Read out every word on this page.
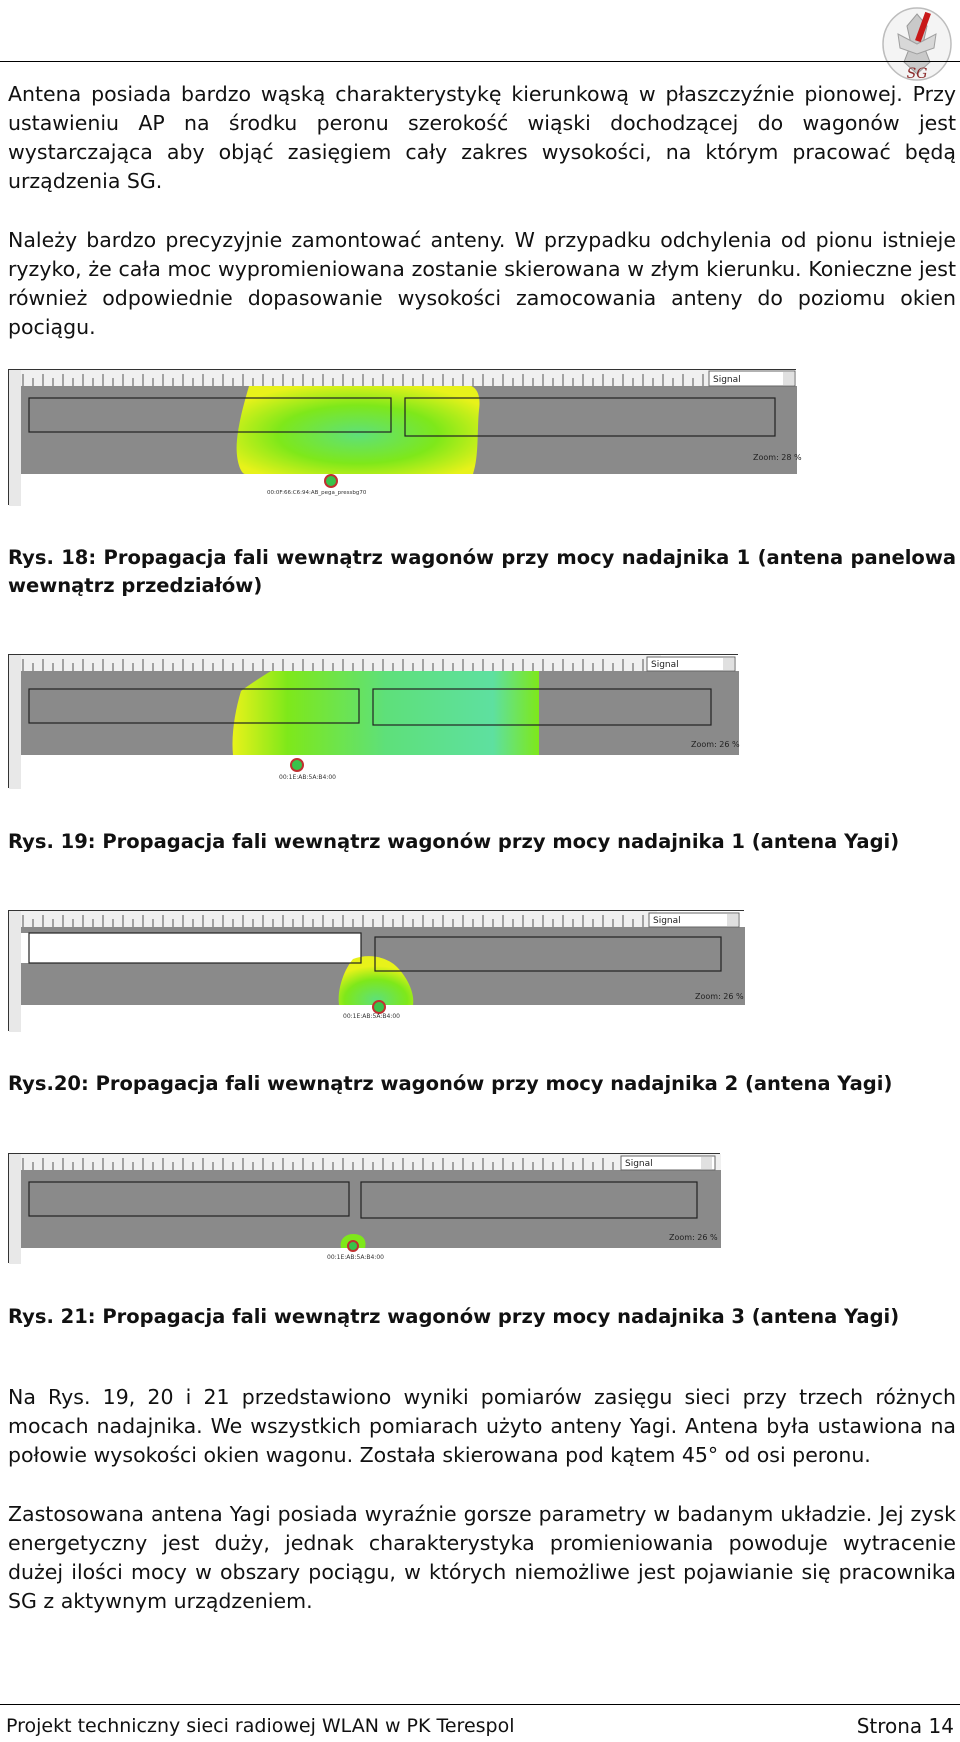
SG

Antena posiada bardzo wąską charakterystykę kierunkową w płaszczyźnie pionowej. Przy ustawieniu AP na środku peronu szerokość wiąski dochodzącej do wagonów jest wystarczająca aby objąć zasięgiem cały zakres wysokości, na którym pracować będą urządzenia SG.

Należy bardzo precyzyjnie zamontować anteny. W przypadku odchylenia od pionu istnieje ryzyko, że cała moc wypromieniowana zostanie skierowana w złym kierunku. Konieczne jest również odpowiednie dopasowanie wysokości zamocowania anteny do poziomu okien pociągu.

Signal
Zoom: 28 %
00:0F:66:C6:94:AB_pega_pressbg70

Rys. 18: Propagacja fali wewnątrz wagonów przy mocy nadajnika 1 (antena panelowa wewnątrz przedziałów)

Signal
Zoom: 26 %
00:1E:AB:5A:B4:00

Rys. 19: Propagacja fali wewnątrz wagonów przy mocy nadajnika 1 (antena Yagi)

Signal
Zoom: 26 %
00:1E:AB:5A:B4:00

Rys.20: Propagacja fali wewnątrz wagonów przy mocy nadajnika 2 (antena Yagi)

Signal
Zoom: 26 %
00:1E:AB:5A:B4:00

Rys. 21: Propagacja fali wewnątrz wagonów przy mocy nadajnika 3 (antena Yagi)

Na Rys. 19, 20 i 21 przedstawiono wyniki pomiarów zasięgu sieci przy trzech różnych mocach nadajnika. We wszystkich pomiarach użyto anteny Yagi. Antena była ustawiona na połowie wysokości okien wagonu. Została skierowana pod kątem 45° od osi peronu.

Zastosowana antena Yagi posiada wyraźnie gorsze parametry w badanym układzie. Jej zysk energetyczny jest duży, jednak charakterystyka promieniowania powoduje wytracenie dużej ilości mocy w obszary pociągu, w których niemożliwe jest pojawianie się pracownika SG z aktywnym urządzeniem.

Projekt techniczny sieci radiowej WLAN w PK Terespol	Strona 14
